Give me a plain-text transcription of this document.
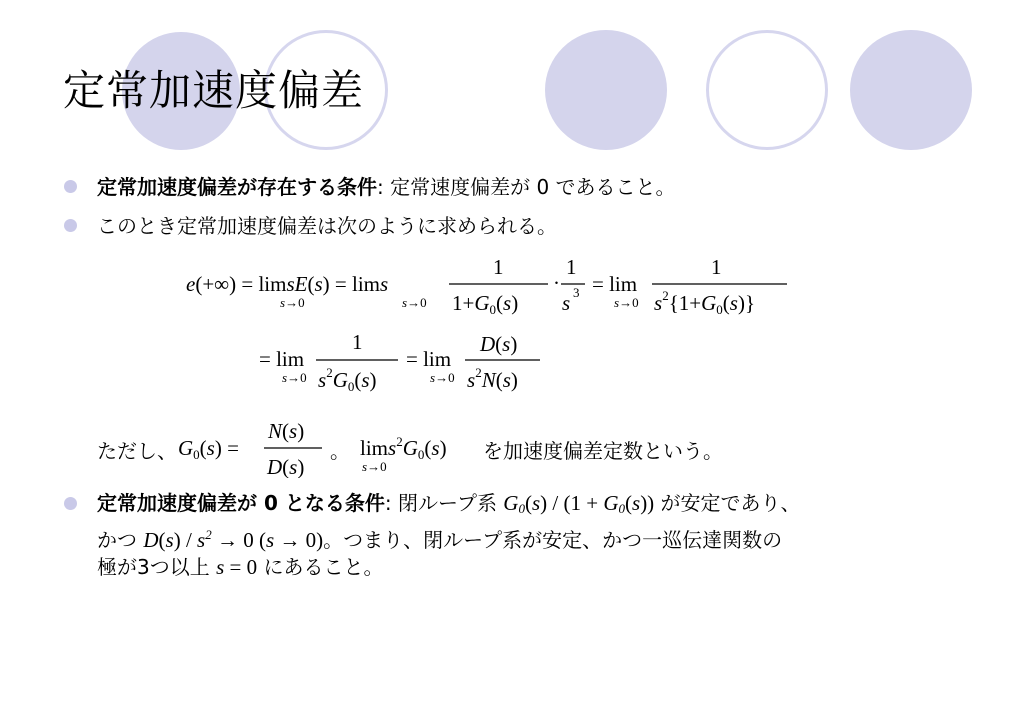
定常加速度偏差
定常加速度偏差が存在する条件: 定常速度偏差が 0 であること。
このとき定常加速度偏差は次のように求められる。
e(+∞) = limsE(s) = lims
s→0	s→0
1
1+G0(s)
·
1
s 3 = lim
s→0
1
$s^2\{1+G0(s)\}$
= lim
s→0
1
$s^2G0(s)$
= lim
s→0
D(s)
$s^2N(s)$
ただし、 G0(s) =
N(s)
D(s)
lims$^2$G0(s)
s→0
。	を加速度偏差定数という。
定常加速度偏差が 0 となる条件: 閉ループ系 $G_0(s) / (1 + G_0(s))$ が安定であり、
かつ $D(s) / s^2 \to 0$ (s → 0)。つまり、閉ループ系が安定、かつ一巡伝達関数の
極が3つ以上 s = 0 にあること。
